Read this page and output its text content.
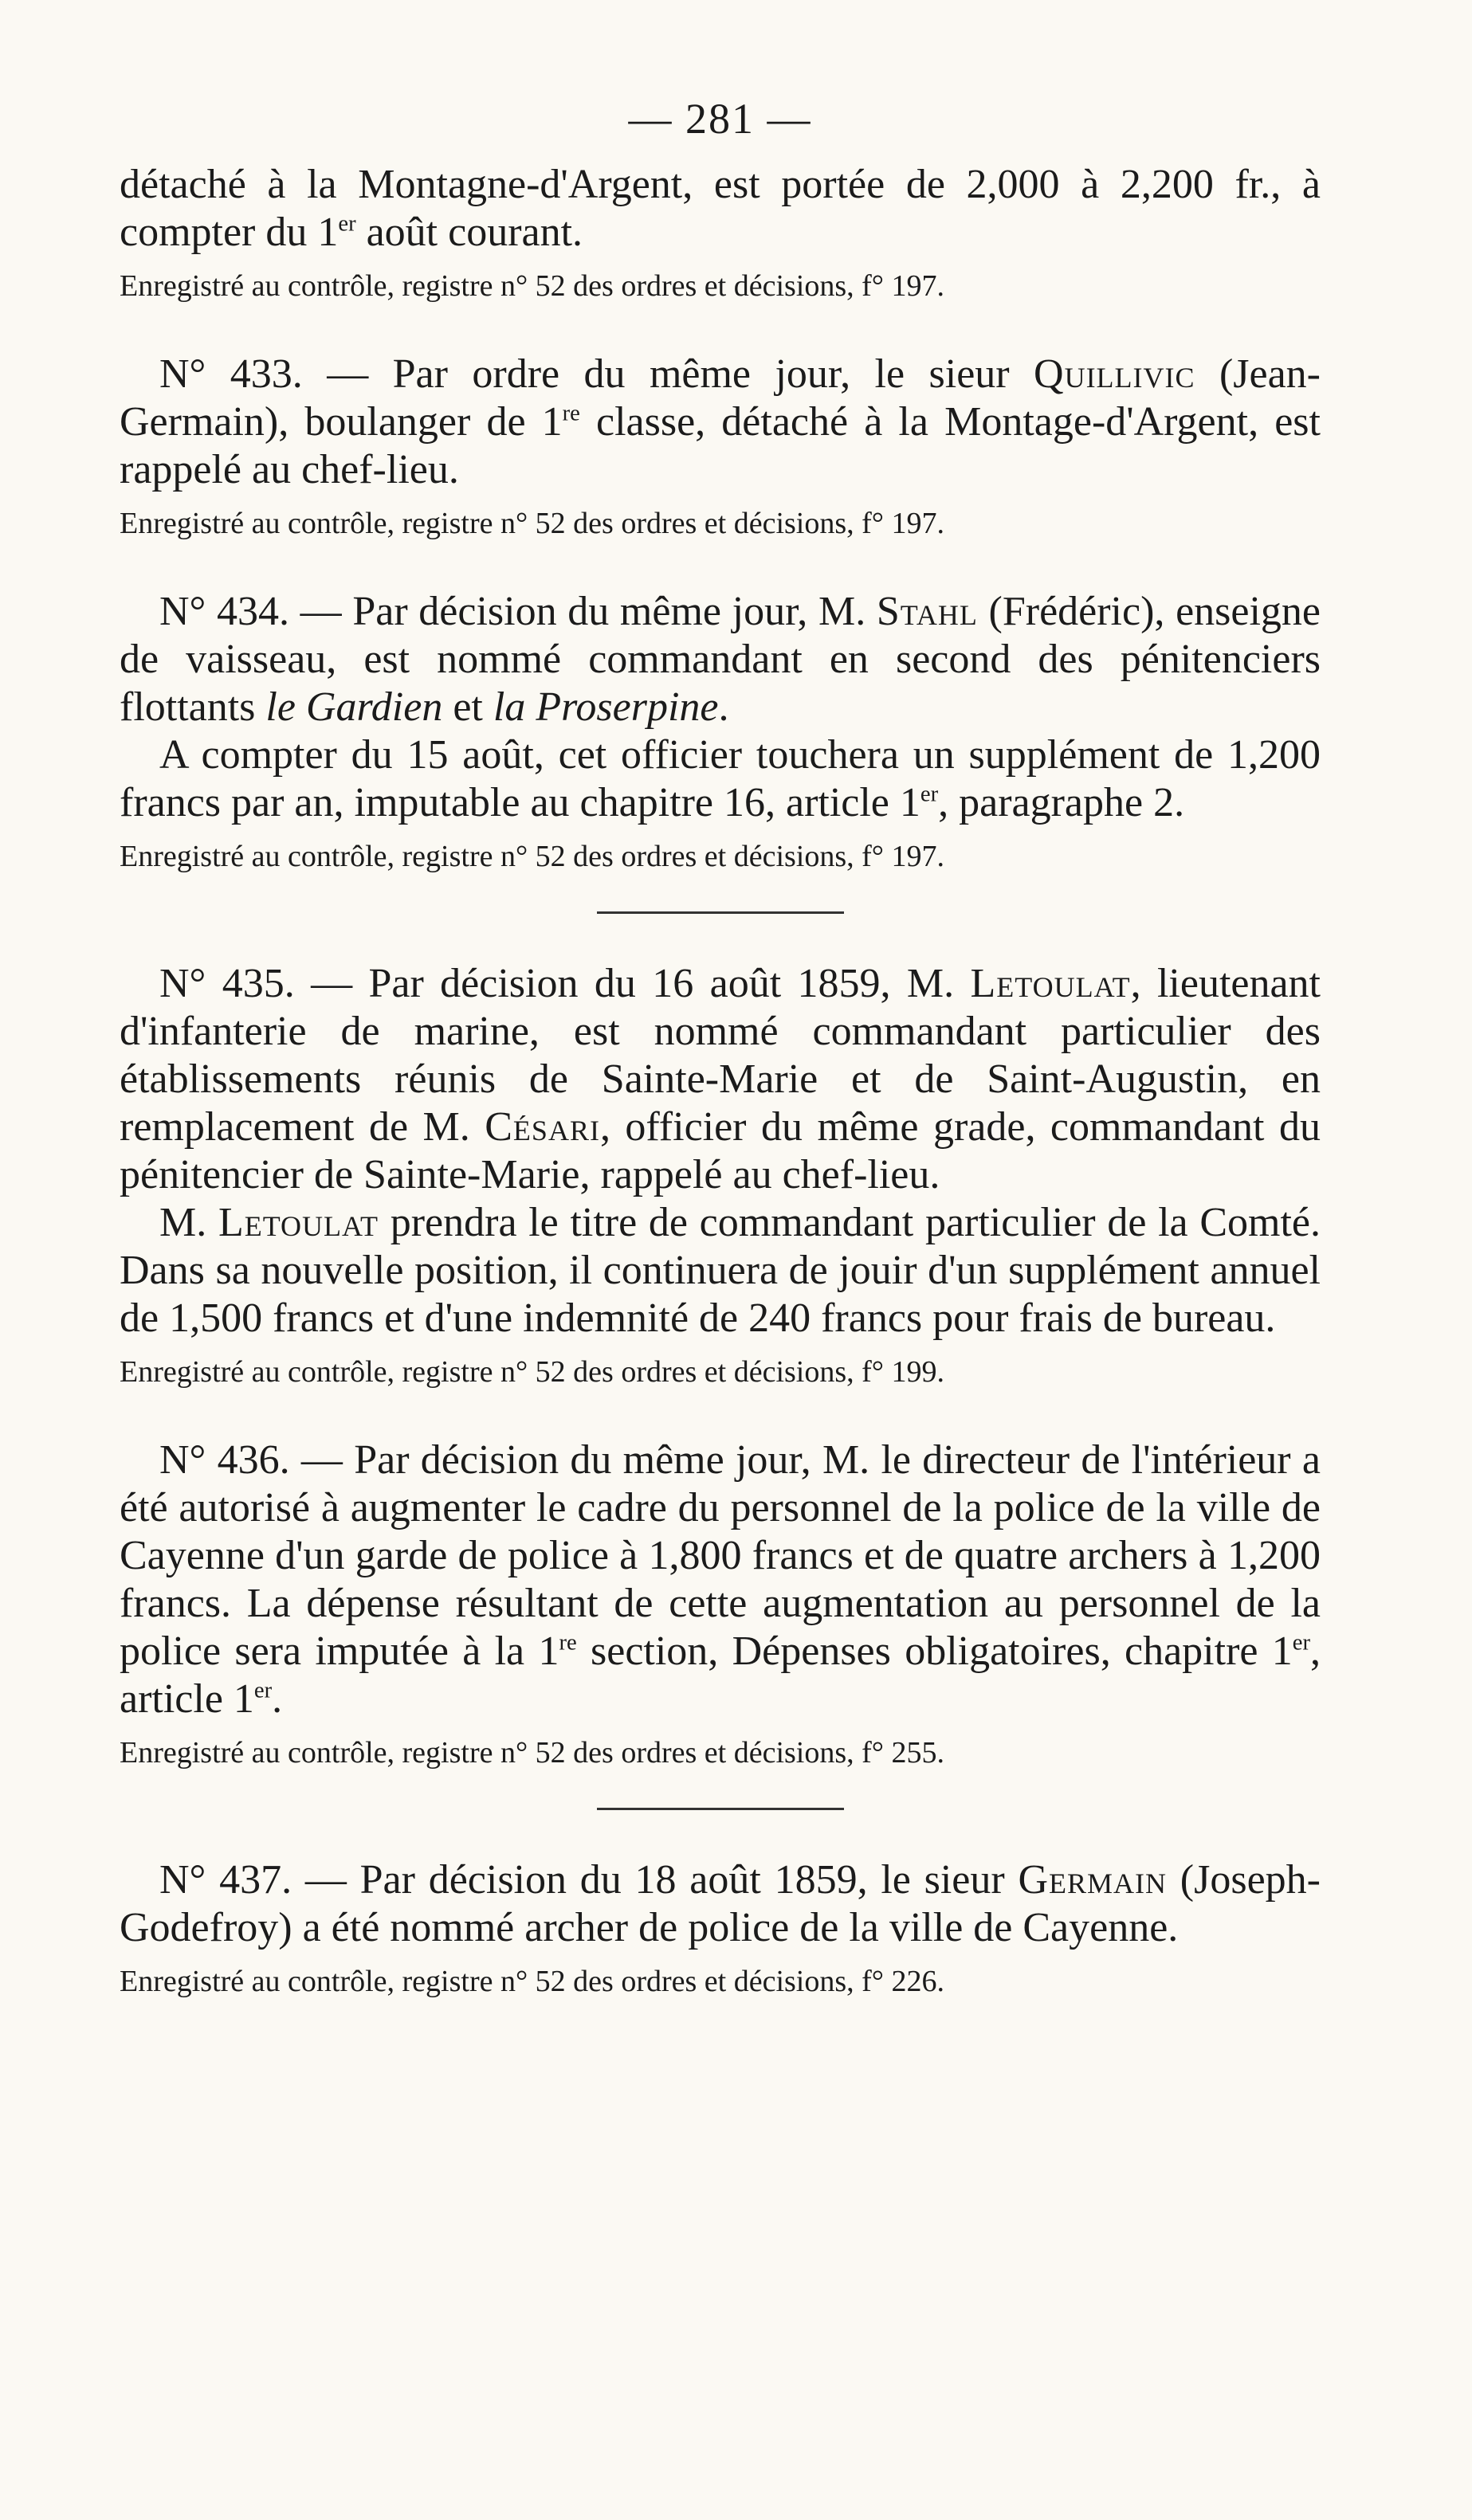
— 281 —

détaché à la Montagne-d'Argent, est portée de 2,000 à 2,200 fr., à compter du 1er août courant.

Enregistré au contrôle, registre n° 52 des ordres et décisions, f° 197.

N° 433. — Par ordre du même jour, le sieur Quillivic (Jean-Germain), boulanger de 1re classe, détaché à la Montage-d'Argent, est rappelé au chef-lieu.

Enregistré au contrôle, registre n° 52 des ordres et décisions, f° 197.

N° 434. — Par décision du même jour, M. Stahl (Frédéric), enseigne de vaisseau, est nommé commandant en second des pénitenciers flottants le Gardien et la Proserpine.

A compter du 15 août, cet officier touchera un supplément de 1,200 francs par an, imputable au chapitre 16, article 1er, paragraphe 2.

Enregistré au contrôle, registre n° 52 des ordres et décisions, f° 197.

N° 435. — Par décision du 16 août 1859, M. Letoulat, lieutenant d'infanterie de marine, est nommé commandant particulier des établissements réunis de Sainte-Marie et de Saint-Augustin, en remplacement de M. Césari, officier du même grade, commandant du pénitencier de Sainte-Marie, rappelé au chef-lieu.

M. Letoulat prendra le titre de commandant particulier de la Comté. Dans sa nouvelle position, il continuera de jouir d'un supplément annuel de 1,500 francs et d'une indemnité de 240 francs pour frais de bureau.

Enregistré au contrôle, registre n° 52 des ordres et décisions, f° 199.

N° 436. — Par décision du même jour, M. le directeur de l'intérieur a été autorisé à augmenter le cadre du personnel de la police de la ville de Cayenne d'un garde de police à 1,800 francs et de quatre archers à 1,200 francs. La dépense résultant de cette augmentation au personnel de la police sera imputée à la 1re section, Dépenses obligatoires, chapitre 1er, article 1er.

Enregistré au contrôle, registre n° 52 des ordres et décisions, f° 255.

N° 437. — Par décision du 18 août 1859, le sieur Germain (Joseph-Godefroy) a été nommé archer de police de la ville de Cayenne.

Enregistré au contrôle, registre n° 52 des ordres et décisions, f° 226.
